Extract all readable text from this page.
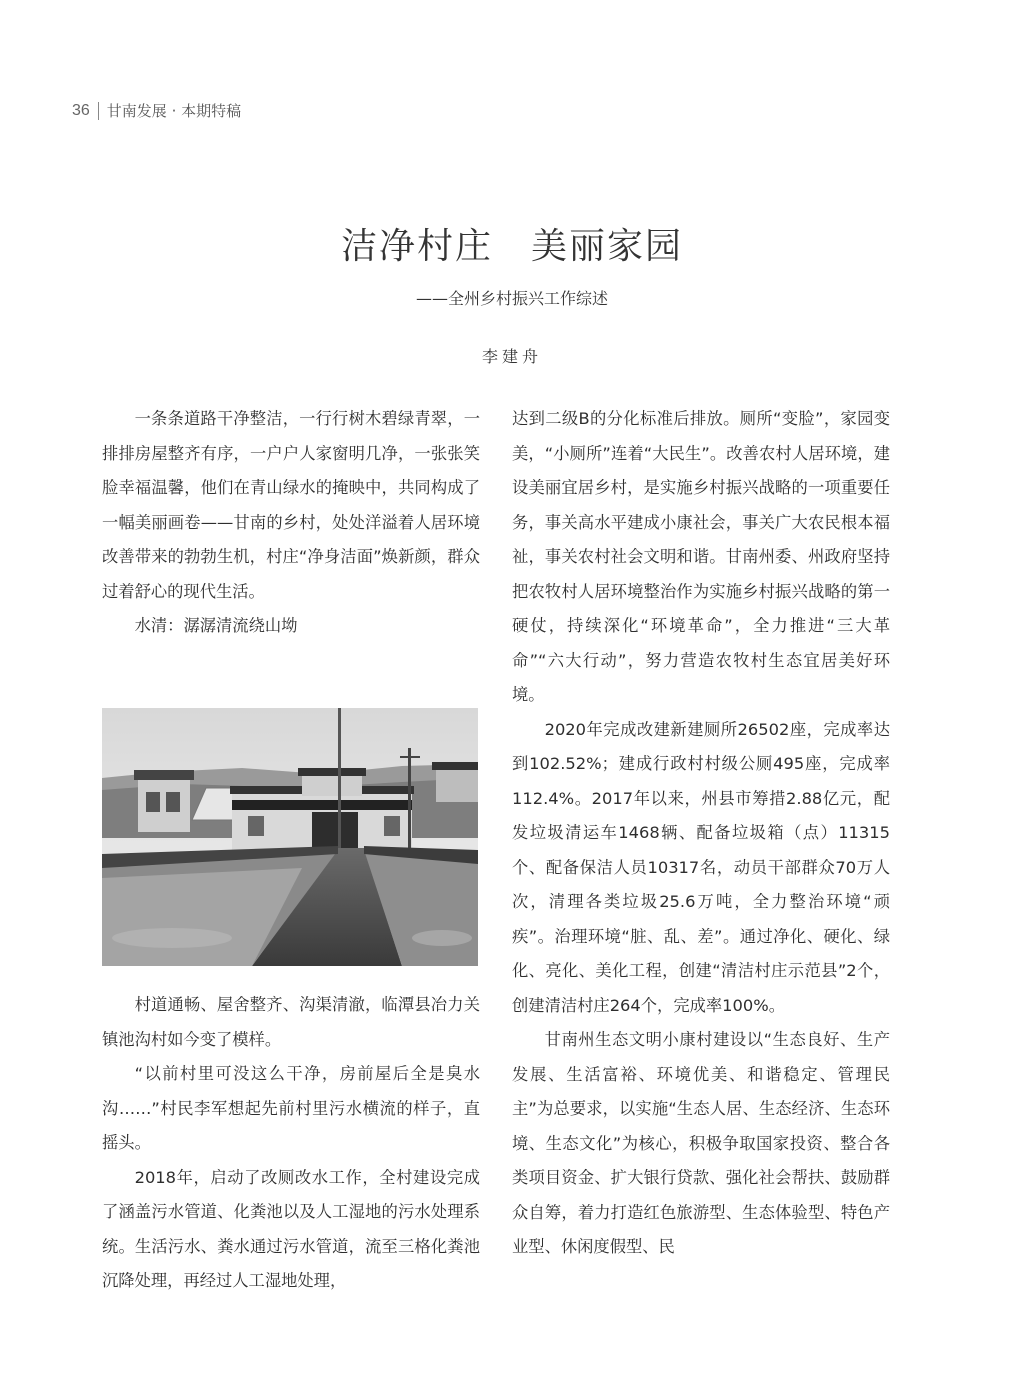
36 甘南发展 · 本期特稿
洁净村庄　美丽家园
——全州乡村振兴工作综述
李建舟

一条条道路干净整洁，一行行树木碧绿青翠，一排排房屋整齐有序，一户户人家窗明几净，一张张笑脸幸福温馨，他们在青山绿水的掩映中，共同构成了一幅美丽画卷——甘南的乡村，处处洋溢着人居环境改善带来的勃勃生机，村庄“净身洁面”焕新颜，群众过着舒心的现代生活。

水清：潺潺清流绕山坳

村道通畅、屋舍整齐、沟渠清澈，临潭县冶力关镇池沟村如今变了模样。

“以前村里可没这么干净，房前屋后全是臭水沟……”村民李军想起先前村里污水横流的样子，直摇头。

2018年，启动了改厕改水工作，全村建设完成了涵盖污水管道、化粪池以及人工湿地的污水处理系统。生活污水、粪水通过污水管道，流至三格化粪池沉降处理，再经过人工湿地处理，

达到二级B的分化标准后排放。厕所“变脸”，家园变美，“小厕所”连着“大民生”。改善农村人居环境，建设美丽宜居乡村，是实施乡村振兴战略的一项重要任务，事关高水平建成小康社会，事关广大农民根本福祉，事关农村社会文明和谐。甘南州委、州政府坚持把农牧村人居环境整治作为实施乡村振兴战略的第一硬仗，持续深化“环境革命”，全力推进“三大革命”“六大行动”，努力营造农牧村生态宜居美好环境。

2020年完成改建新建厕所26502座，完成率达到102.52%；建成行政村村级公厕495座，完成率112.4%。2017年以来，州县市筹措2.88亿元，配发垃圾清运车1468辆、配备垃圾箱（点）11315个、配备保洁人员10317名，动员干部群众70万人次，清理各类垃圾25.6万吨，全力整治环境“顽疾”。治理环境“脏、乱、差”。通过净化、硬化、绿化、亮化、美化工程，创建“清洁村庄示范县”2个，创建清洁村庄264个，完成率100%。

甘南州生态文明小康村建设以“生态良好、生产发展、生活富裕、环境优美、和谐稳定、管理民主”为总要求，以实施“生态人居、生态经济、生态环境、生态文化”为核心，积极争取国家投资、整合各类项目资金、扩大银行贷款、强化社会帮扶、鼓励群众自筹，着力打造红色旅游型、生态体验型、特色产业型、休闲度假型、民
